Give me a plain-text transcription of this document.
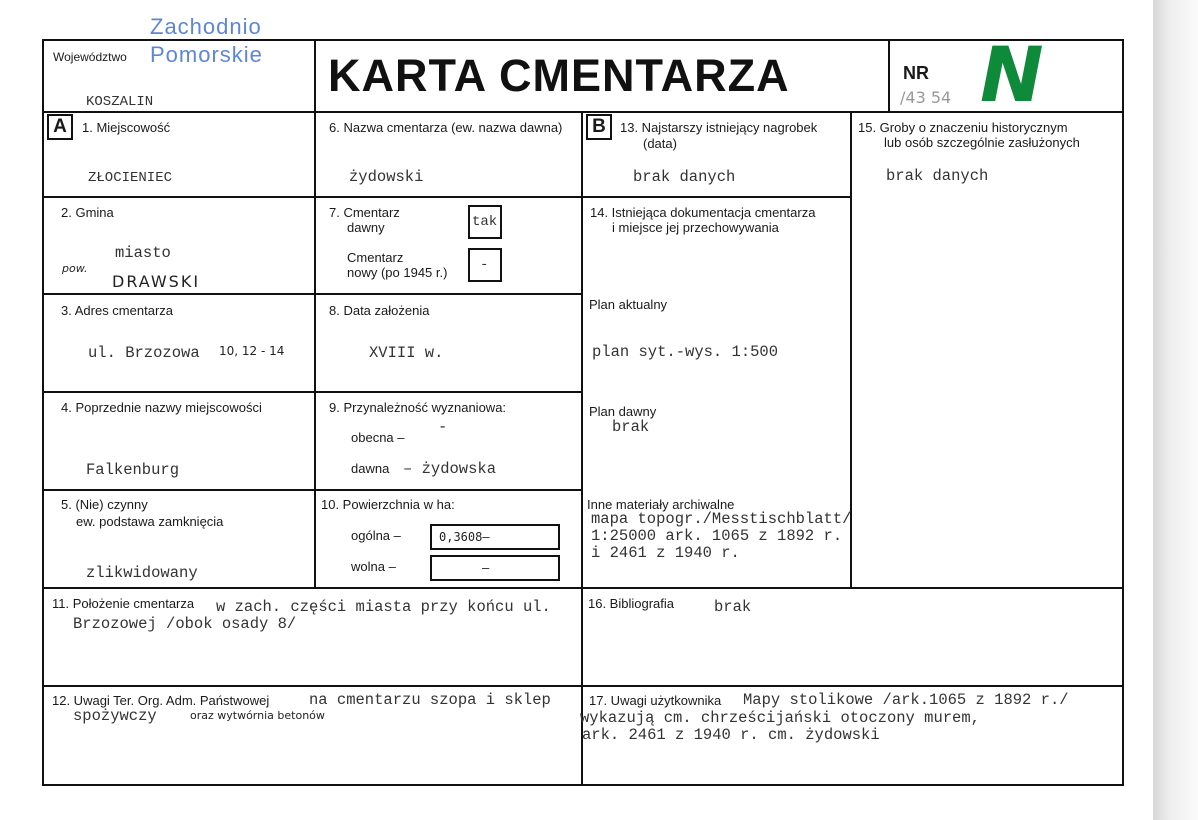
Województwo
Zachodnio
Pomorskie
KOSZALIN
KARTA CMENTARZA	NR
/43 54 N
A	B
1. Miejscowość
ZŁOCIENIEC
6. Nazwa cmentarza (ew. nazwa dawna)
żydowski
13. Najstarszy istniejący nagrobek
(data)
brak danych
15. Groby o znaczeniu historycznym
lub osób szczególnie zasłużonych
brak danych
2. Gmina
miasto
pow.
DRAWSKI
7. Cmentarz
dawny	tak
Cmentarz
nowy (po 1945 r.) -
14. Istniejąca dokumentacja cmentarza
i miejsce jej przechowywania
Plan aktualny
plan syt.-wys. 1:500
Plan dawny
brak
Inne materiały archiwalne
mapa topogr./Messtischblatt/
1:25000 ark. 1065 z 1892 r.
i 2461 z 1940 r.
3. Adres cmentarza
ul. Brzozowa 10, 12 - 14
8. Data założenia
XVIII w.
4. Poprzednie nazwy miejscowości
Falkenburg
9. Przynależność wyznaniowa:
obecna –
-
dawna – żydowska
5. (Nie) czynny
ew. podstawa zamknięcia
zlikwidowany
10. Powierzchnia w ha:
ogólna –	0,3608–
wolna –	–
11. Położenie cmentarza w zach. części miasta przy końcu ul.
Brzozowej /obok osady 8/
16. Bibliografia	brak
12. Uwagi Ter. Org. Adm. Państwowej	na cmentarzu szopa i sklep
spożywczy	oraz wytwórnia betonów
17. Uwagi użytkownika Mapy stolikowe /ark.1065 z 1892 r./
wykazują cm. chrześcijański otoczony murem,
ark. 2461 z 1940 r. cm. żydowski
